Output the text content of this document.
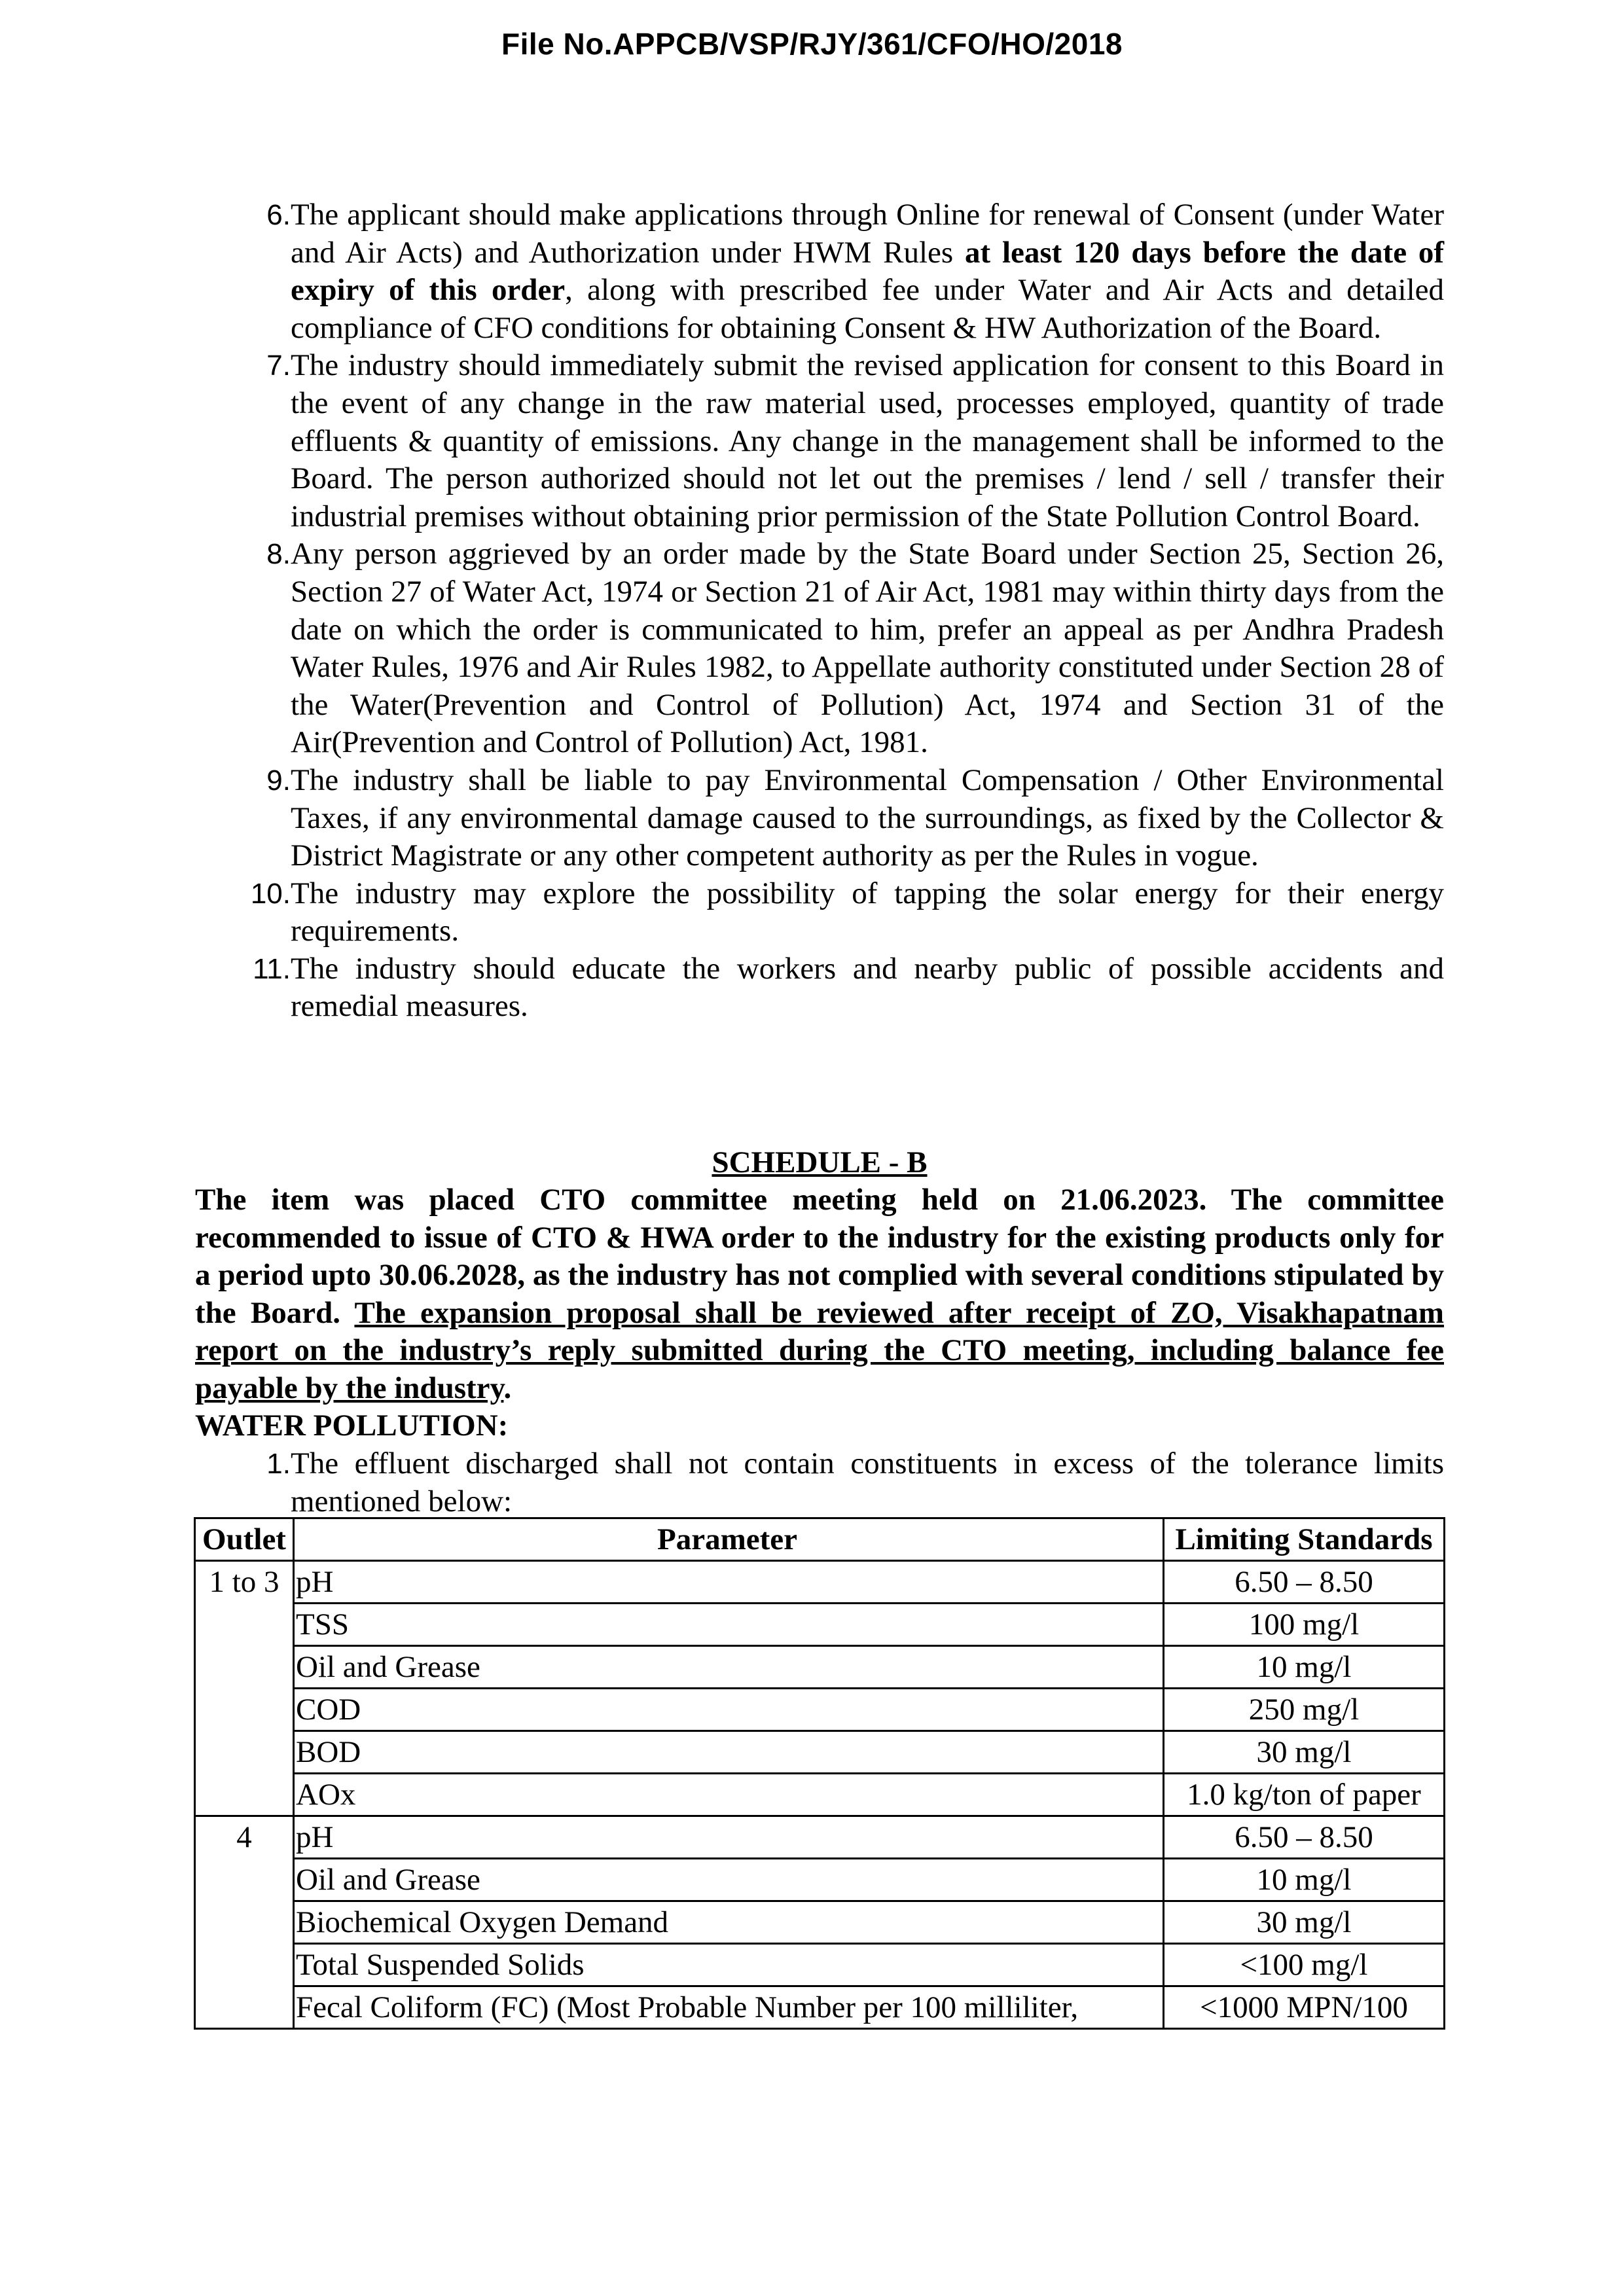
File No.APPCB/VSP/RJY/361/CFO/HO/2018
6. The applicant should make applications through Online for renewal of Consent (under Water and Air Acts) and Authorization under HWM Rules at least 120 days before the date of expiry of this order, along with prescribed fee under Water and Air Acts and detailed compliance of CFO conditions for obtaining Consent & HW Authorization of the Board.
7. The industry should immediately submit the revised application for consent to this Board in the event of any change in the raw material used, processes employed, quantity of trade effluents & quantity of emissions. Any change in the management shall be informed to the Board. The person authorized should not let out the premises / lend / sell / transfer their industrial premises without obtaining prior permission of the State Pollution Control Board.
8. Any person aggrieved by an order made by the State Board under Section 25, Section 26, Section 27 of Water Act, 1974 or Section 21 of Air Act, 1981 may within thirty days from the date on which the order is communicated to him, prefer an appeal as per Andhra Pradesh Water Rules, 1976 and Air Rules 1982, to Appellate authority constituted under Section 28 of the Water(Prevention and Control of Pollution) Act, 1974 and Section 31 of the Air(Prevention and Control of Pollution) Act, 1981.
9. The industry shall be liable to pay Environmental Compensation / Other Environmental Taxes, if any environmental damage caused to the surroundings, as fixed by the Collector & District Magistrate or any other competent authority as per the Rules in vogue.
10. The industry may explore the possibility of tapping the solar energy for their energy requirements.
11. The industry should educate the workers and nearby public of possible accidents and remedial measures.
SCHEDULE - B
The item was placed CTO committee meeting held on 21.06.2023. The committee recommended to issue of CTO & HWA order to the industry for the existing products only for a period upto 30.06.2028, as the industry has not complied with several conditions stipulated by the Board. The expansion proposal shall be reviewed after receipt of ZO, Visakhapatnam report on the industry’s reply submitted during the CTO meeting, including balance fee payable by the industry.
WATER POLLUTION:
1. The effluent discharged shall not contain constituents in excess of the tolerance limits mentioned below:
Outlet	Parameter	Limiting Standards
1 to 3	pH	6.50 – 8.50
	TSS	100 mg/l
	Oil and Grease	10 mg/l
	COD	250 mg/l
	BOD	30 mg/l
	AOx	1.0 kg/ton of paper
4	pH	6.50 – 8.50
	Oil and Grease	10 mg/l
	Biochemical Oxygen Demand	30 mg/l
	Total Suspended Solids	<100 mg/l
	Fecal Coliform (FC) (Most Probable Number per 100 milliliter,	<1000 MPN/100
